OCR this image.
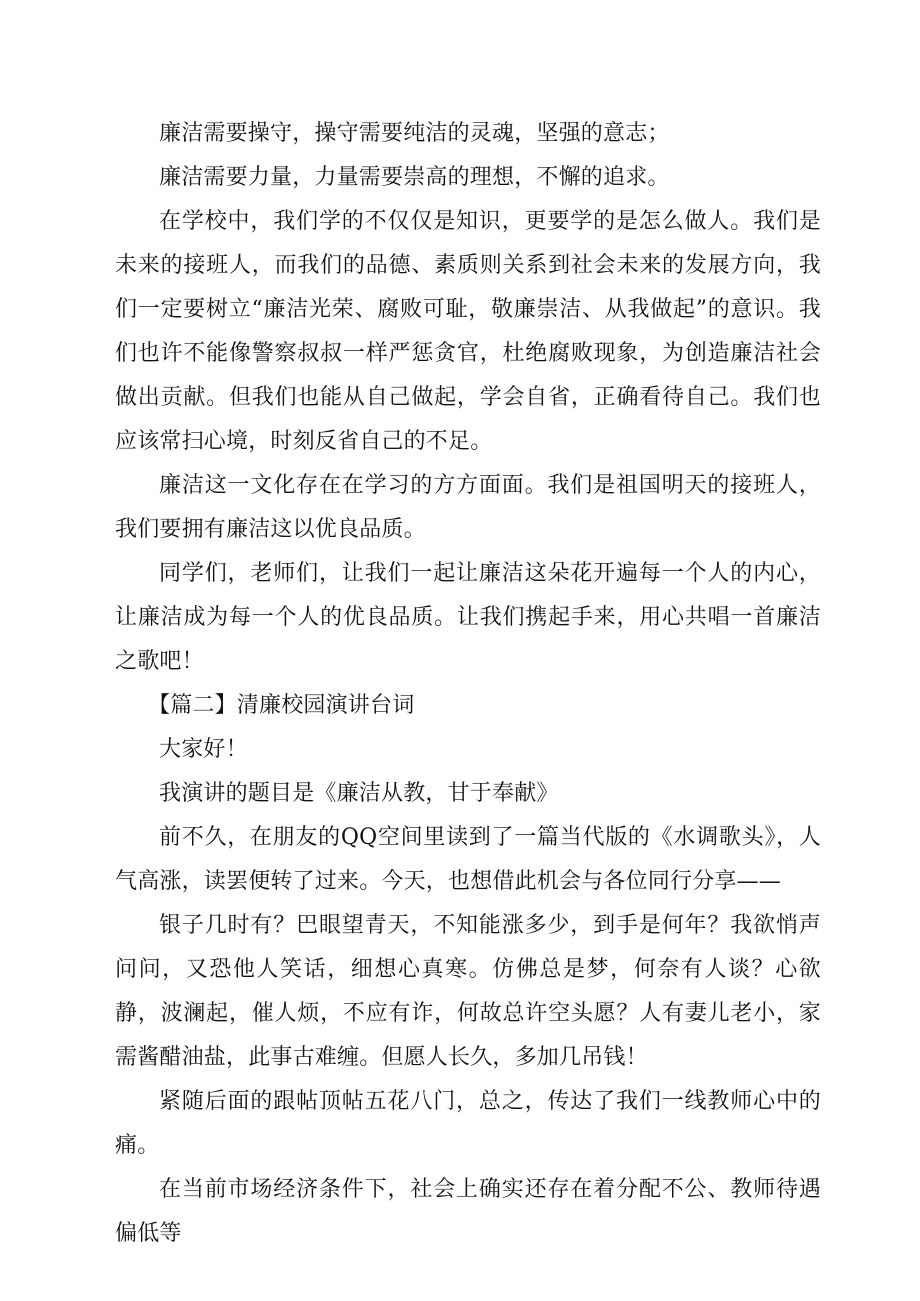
廉洁需要操守，操守需要纯洁的灵魂，坚强的意志；

廉洁需要力量，力量需要崇高的理想，不懈的追求。

在学校中，我们学的不仅仅是知识，更要学的是怎么做人。我们是未来的接班人，而我们的品德、素质则关系到社会未来的发展方向，我们一定要树立“廉洁光荣、腐败可耻，敬廉崇洁、从我做起”的意识。我们也许不能像警察叔叔一样严惩贪官，杜绝腐败现象，为创造廉洁社会做出贡献。但我们也能从自己做起，学会自省，正确看待自己。我们也应该常扫心境，时刻反省自己的不足。

廉洁这一文化存在在学习的方方面面。我们是祖国明天的接班人，我们要拥有廉洁这以优良品质。

同学们，老师们，让我们一起让廉洁这朵花开遍每一个人的内心，让廉洁成为每一个人的优良品质。让我们携起手来，用心共唱一首廉洁之歌吧！

【篇二】清廉校园演讲台词

大家好！

我演讲的题目是《廉洁从教，甘于奉献》

前不久，在朋友的QQ空间里读到了一篇当代版的《水调歌头》，人气高涨，读罢便转了过来。今天，也想借此机会与各位同行分享——

银子几时有？巴眼望青天，不知能涨多少，到手是何年？我欲悄声问问，又恐他人笑话，细想心真寒。仿佛总是梦，何奈有人谈？心欲静，波澜起，催人烦，不应有诈，何故总许空头愿？人有妻儿老小，家需酱醋油盐，此事古难缠。但愿人长久，多加几吊钱！

紧随后面的跟帖顶帖五花八门，总之，传达了我们一线教师心中的痛。

在当前市场经济条件下，社会上确实还存在着分配不公、教师待遇偏低等
